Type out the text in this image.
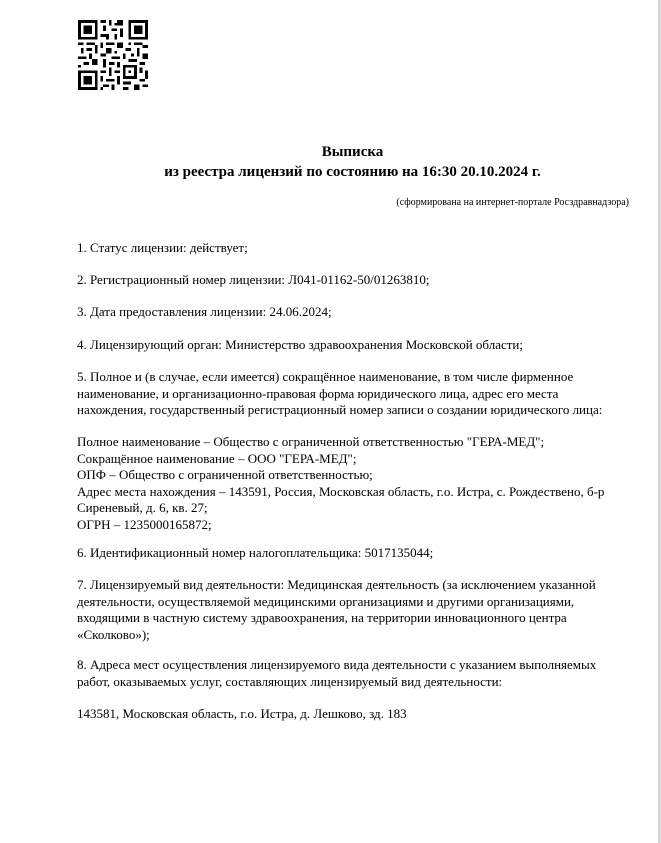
Выписка
из реестра лицензий по состоянию на 16:30 20.10.2024 г.
(сформирована на интернет-портале Росздравнадзора)

1. Статус лицензии: действует;

2. Регистрационный номер лицензии: Л041-01162-50/01263810;

3. Дата предоставления лицензии: 24.06.2024;

4. Лицензирующий орган: Министерство здравоохранения Московской области;

5. Полное и (в случае, если имеется) сокращённое наименование, в том числе фирменное
наименование, и организационно-правовая форма юридического лица, адрес его места
нахождения, государственный регистрационный номер записи о создании юридического лица:

Полное наименование – Общество с ограниченной ответственностью "ГЕРА-МЕД";
Сокращённое наименование – ООО "ГЕРА-МЕД";
ОПФ – Общество с ограниченной ответственностью;
Адрес места нахождения – 143591, Россия, Московская область, г.о. Истра, с. Рождествено, б-р
Сиреневый, д. 6, кв. 27;
ОГРН – 1235000165872;

6. Идентификационный номер налогоплательщика: 5017135044;

7. Лицензируемый вид деятельности: Медицинская деятельность (за исключением указанной
деятельности, осуществляемой медицинскими организациями и другими организациями,
входящими в частную систему здравоохранения, на территории инновационного центра
«Сколково»);

8. Адреса мест осуществления лицензируемого вида деятельности с указанием выполняемых
работ, оказываемых услуг, составляющих лицензируемый вид деятельности:

143581, Московская область, г.о. Истра, д. Лешково, зд. 183
